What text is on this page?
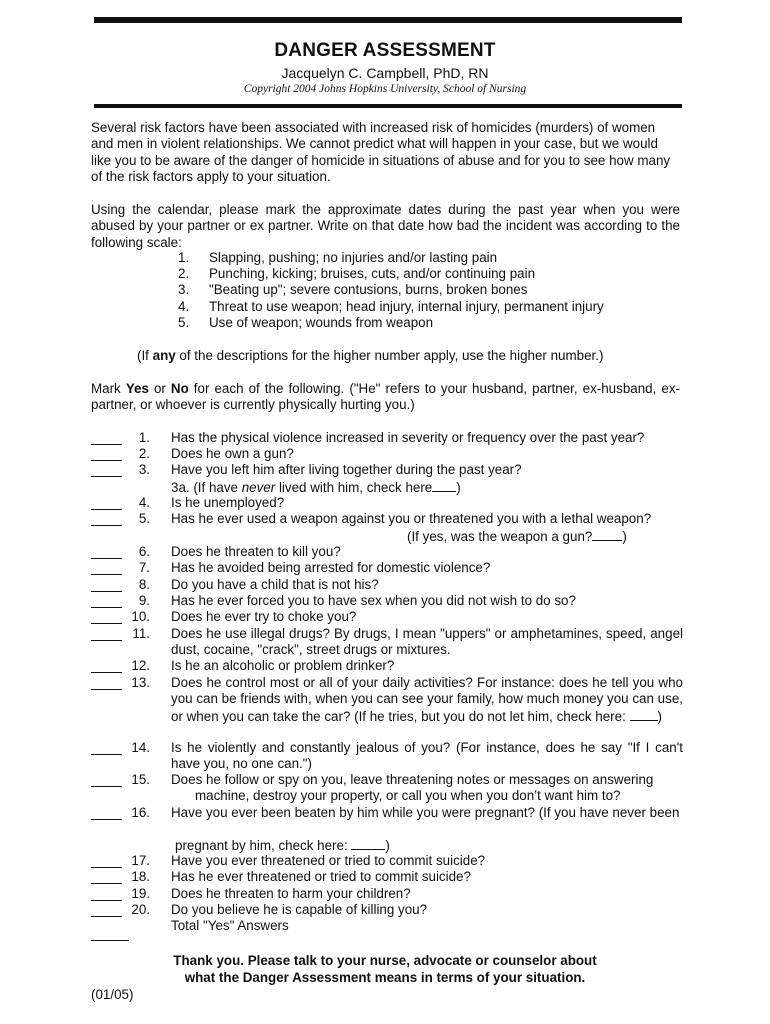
DANGER ASSESSMENT
Jacquelyn C. Campbell, PhD, RN
Copyright 2004 Johns Hopkins University, School of Nursing

Several risk factors have been associated with increased risk of homicides (murders) of women and men in violent relationships. We cannot predict what will happen in your case, but we would like you to be aware of the danger of homicide in situations of abuse and for you to see how many of the risk factors apply to your situation.

Using the calendar, please mark the approximate dates during the past year when you were abused by your partner or ex partner. Write on that date how bad the incident was according to the following scale:

1. Slapping, pushing; no injuries and/or lasting pain
2. Punching, kicking; bruises, cuts, and/or continuing pain
3. "Beating up"; severe contusions, burns, broken bones
4. Threat to use weapon; head injury, internal injury, permanent injury
5. Use of weapon; wounds from weapon
(If any of the descriptions for the higher number apply, use the higher number.)

Mark Yes or No for each of the following. ("He" refers to your husband, partner, ex-husband, ex-partner, or whoever is currently physically hurting you.)

1. Has the physical violence increased in severity or frequency over the past year?

2. Does he own a gun?

3. Have you left him after living together during the past year?
3a. (If have never lived with him, check here )

4. Is he unemployed?

5. Has he ever used a weapon against you or threatened you with a lethal weapon?
(If yes, was the weapon a gun? )

6. Does he threaten to kill you?

7. Has he avoided being arrested for domestic violence?

8. Do you have a child that is not his?

9. Has he ever forced you to have sex when you did not wish to do so?

10. Does he ever try to choke you?

11. Does he use illegal drugs? By drugs, I mean "uppers" or amphetamines, speed, angel dust, cocaine, "crack", street drugs or mixtures.

12. Is he an alcoholic or problem drinker?

13. Does he control most or all of your daily activities? For instance: does he tell you who you can be friends with, when you can see your family, how much money you can use, or when you can take the car? (If he tries, but you do not let him, check here: )

14. Is he violently and constantly jealous of you? (For instance, does he say "If I can't have you, no one can.")

15. Does he follow or spy on you, leave threatening notes or messages on answering
machine, destroy your property, or call you when you don’t want him to?

16. Have you ever been beaten by him while you were pregnant? (If you have never been
pregnant by him, check here:	)

17. Have you ever threatened or tried to commit suicide?

18. Has he ever threatened or tried to commit suicide?

19. Does he threaten to harm your children?

20. Do you believe he is capable of killing you?
Total "Yes" Answers
Thank you. Please talk to your nurse, advocate or counselor about
what the Danger Assessment means in terms of your situation.
(01/05)
